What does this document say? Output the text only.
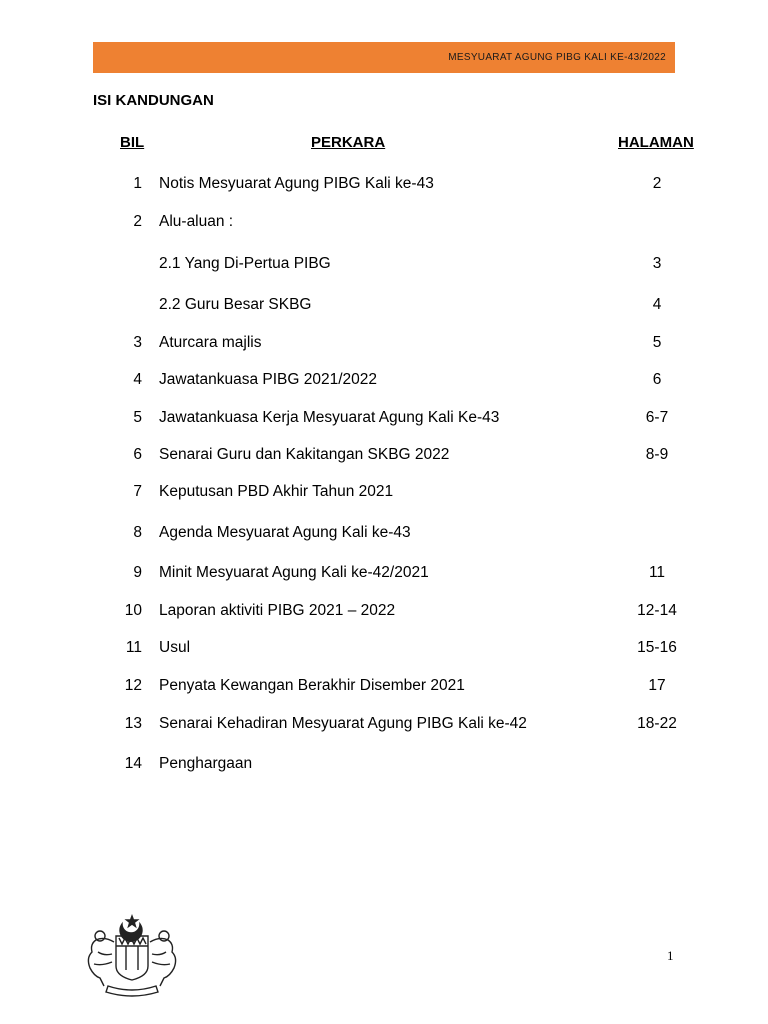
MESYUARAT AGUNG PIBG KALI KE-43/2022
ISI KANDUNGAN
BIL	PERKARA	HALAMAN
1 Notis Mesyuarat Agung PIBG Kali ke-43	2
2 Alu-aluan :
2.1 Yang Di-Pertua PIBG	3
2.2 Guru Besar SKBG	4
3 Aturcara majlis	5
4 Jawatankuasa PIBG 2021/2022	6
5 Jawatankuasa Kerja Mesyuarat Agung Kali Ke-43	6-7
6 Senarai Guru dan Kakitangan SKBG 2022	8-9
7 Keputusan PBD Akhir Tahun 2021
8 Agenda Mesyuarat Agung Kali ke-43
9 Minit Mesyuarat Agung Kali ke-42/2021	11
10 Laporan aktiviti PIBG 2021 – 2022	12-14
11 Usul	15-16
12 Penyata Kewangan Berakhir Disember 2021	17
13 Senarai Kehadiran Mesyuarat Agung PIBG Kali ke-42	18-22
14 Penghargaan
1
